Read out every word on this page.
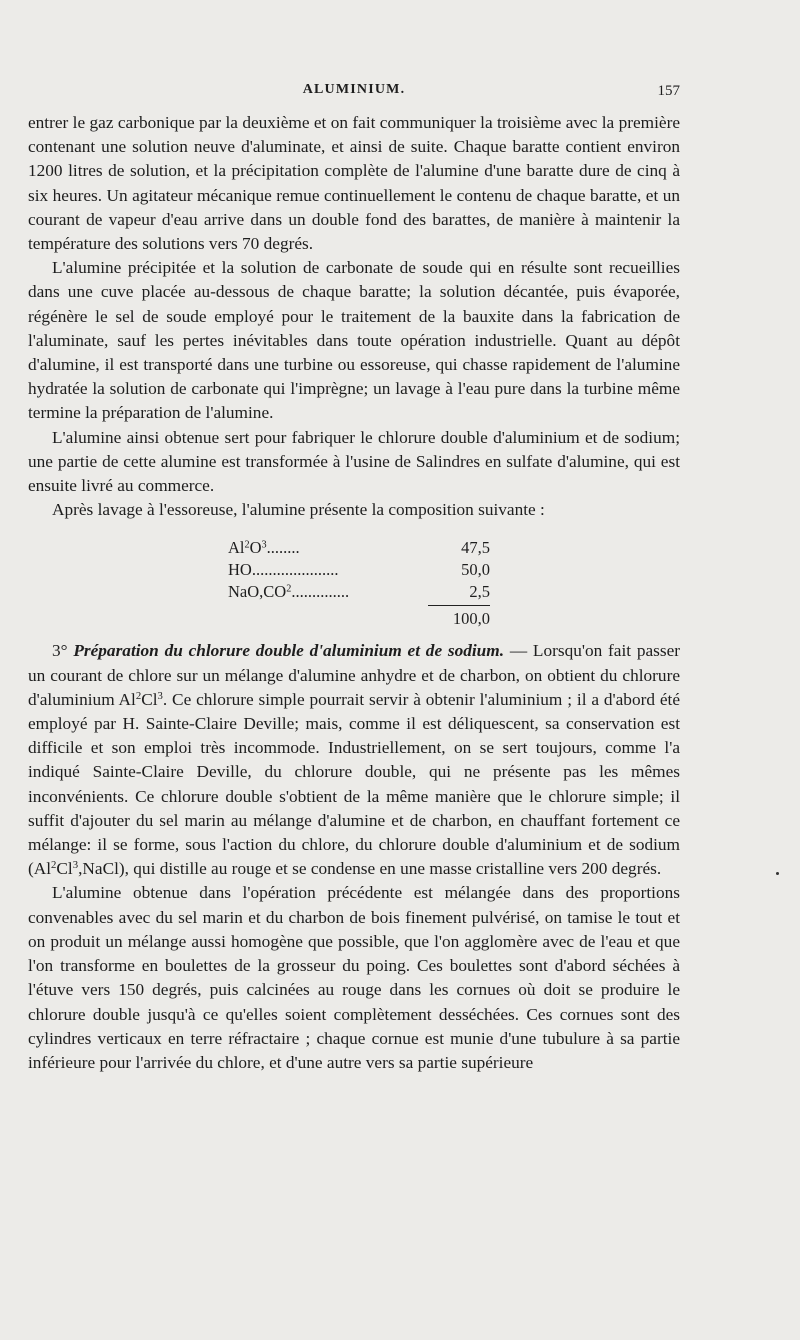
ALUMINIUM.	157

entrer le gaz carbonique par la deuxième et on fait communiquer la troisième avec la première contenant une solution neuve d'aluminate, et ainsi de suite. Chaque baratte contient environ 1200 litres de solution, et la précipitation complète de l'alumine d'une baratte dure de cinq à six heures. Un agitateur mécanique remue continuellement le contenu de chaque baratte, et un courant de vapeur d'eau arrive dans un double fond des barattes, de manière à maintenir la température des solutions vers 70 degrés.

L'alumine précipitée et la solution de carbonate de soude qui en résulte sont recueillies dans une cuve placée au-dessous de chaque baratte; la solution décantée, puis évaporée, régénère le sel de soude employé pour le traitement de la bauxite dans la fabrication de l'aluminate, sauf les pertes inévitables dans toute opération industrielle. Quant au dépôt d'alumine, il est transporté dans une turbine ou essoreuse, qui chasse rapidement de l'alumine hydratée la solution de carbonate qui l'imprègne; un lavage à l'eau pure dans la turbine même termine la préparation de l'alumine.

L'alumine ainsi obtenue sert pour fabriquer le chlorure double d'aluminium et de sodium; une partie de cette alumine est transformée à l'usine de Salindres en sulfate d'alumine, qui est ensuite livré au commerce.

Après lavage à l'essoreuse, l'alumine présente la composition suivante :

$Al^2O^3$........	47,5
HO.....................	50,0
$NaO,CO^2$..............	2,5
100,0

3° Préparation du chlorure double d'aluminium et de sodium. — Lorsqu'on fait passer un courant de chlore sur un mélange d'alumine anhydre et de charbon, on obtient du chlorure d'aluminium Al$^2$Cl$^3$. Ce chlorure simple pourrait servir à obtenir l'aluminium ; il a d'abord été employé par H. Sainte-Claire Deville; mais, comme il est déliquescent, sa conservation est difficile et son emploi très incommode. Industriellement, on se sert toujours, comme l'a indiqué Sainte-Claire Deville, du chlorure double, qui ne présente pas les mêmes inconvénients. Ce chlorure double s'obtient de la même manière que le chlorure simple; il suffit d'ajouter du sel marin au mélange d'alumine et de charbon, en chauffant fortement ce mélange: il se forme, sous l'action du chlore, du chlorure double d'aluminium et de sodium (Al$^2$Cl$^3$,NaCl), qui distille au rouge et se condense en une masse cristalline vers 200 degrés.

L'alumine obtenue dans l'opération précédente est mélangée dans des proportions convenables avec du sel marin et du charbon de bois finement pulvérisé, on tamise le tout et on produit un mélange aussi homogène que possible, que l'on agglomère avec de l'eau et que l'on transforme en boulettes de la grosseur du poing. Ces boulettes sont d'abord séchées à l'étuve vers 150 degrés, puis calcinées au rouge dans les cornues où doit se produire le chlorure double jusqu'à ce qu'elles soient complètement desséchées. Ces cornues sont des cylindres verticaux en terre réfractaire ; chaque cornue est munie d'une tubulure à sa partie inférieure pour l'arrivée du chlore, et d'une autre vers sa partie supérieure
